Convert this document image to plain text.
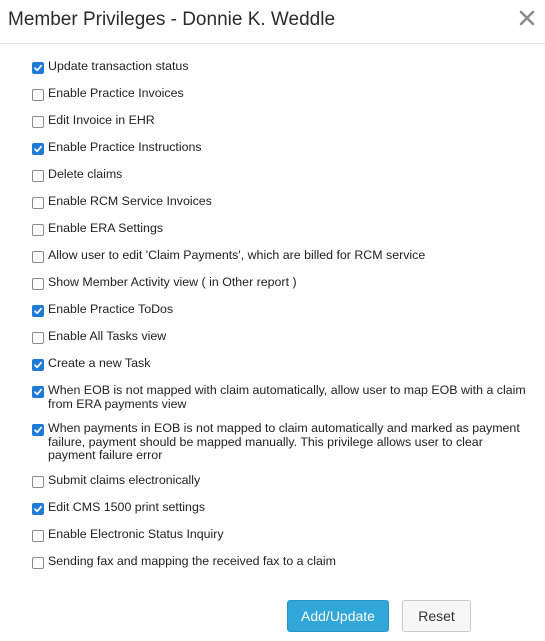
Member Privileges - Donnie K. Weddle
Update transaction status
Enable Practice Invoices
Edit Invoice in EHR
Enable Practice Instructions
Delete claims
Enable RCM Service Invoices
Enable ERA Settings
Allow user to edit 'Claim Payments', which are billed for RCM service
Show Member Activity view ( in Other report )
Enable Practice ToDos
Enable All Tasks view
Create a new Task
When EOB is not mapped with claim automatically, allow user to map EOB with a claim from ERA payments view
When payments in EOB is not mapped to claim automatically and marked as payment failure, payment should be mapped manually. This privilege allows user to clear payment failure error
Submit claims electronically
Edit CMS 1500 print settings
Enable Electronic Status Inquiry
Sending fax and mapping the received fax to a claim
Add/Update	Reset
